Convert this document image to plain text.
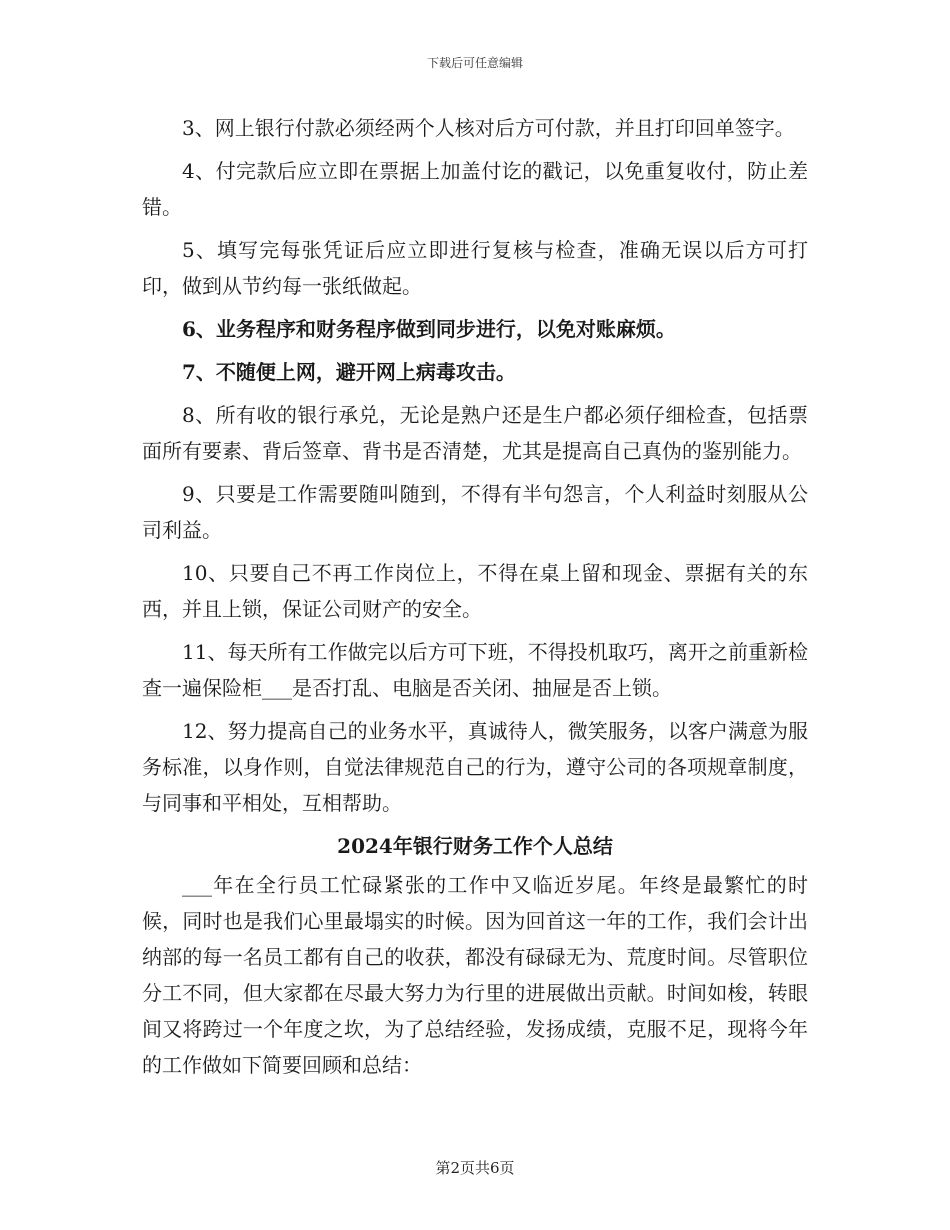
下载后可任意编辑

3、网上银行付款必须经两个人核对后方可付款，并且打印回单签字。

4、付完款后应立即在票据上加盖付讫的戳记，以免重复收付，防止差错。

5、填写完每张凭证后应立即进行复核与检查，准确无误以后方可打印，做到从节约每一张纸做起。

6、业务程序和财务程序做到同步进行，以免对账麻烦。

7、不随便上网，避开网上病毒攻击。

8、所有收的银行承兑，无论是熟户还是生户都必须仔细检查，包括票面所有要素、背后签章、背书是否清楚，尤其是提高自己真伪的鉴别能力。

9、只要是工作需要随叫随到，不得有半句怨言，个人利益时刻服从公司利益。

10、只要自己不再工作岗位上，不得在桌上留和现金、票据有关的东西，并且上锁，保证公司财产的安全。

11、每天所有工作做完以后方可下班，不得投机取巧，离开之前重新检查一遍保险柜___是否打乱、电脑是否关闭、抽屉是否上锁。

12、努力提高自己的业务水平，真诚待人，微笑服务，以客户满意为服务标准，以身作则，自觉法律规范自己的行为，遵守公司的各项规章制度，与同事和平相处，互相帮助。

2024年银行财务工作个人总结

___年在全行员工忙碌紧张的工作中又临近岁尾。年终是最繁忙的时候，同时也是我们心里最塌实的时候。因为回首这一年的工作，我们会计出纳部的每一名员工都有自己的收获，都没有碌碌无为、荒度时间。尽管职位分工不同，但大家都在尽最大努力为行里的进展做出贡献。时间如梭，转眼间又将跨过一个年度之坎，为了总结经验，发扬成绩，克服不足，现将今年的工作做如下简要回顾和总结：

第2页共6页
